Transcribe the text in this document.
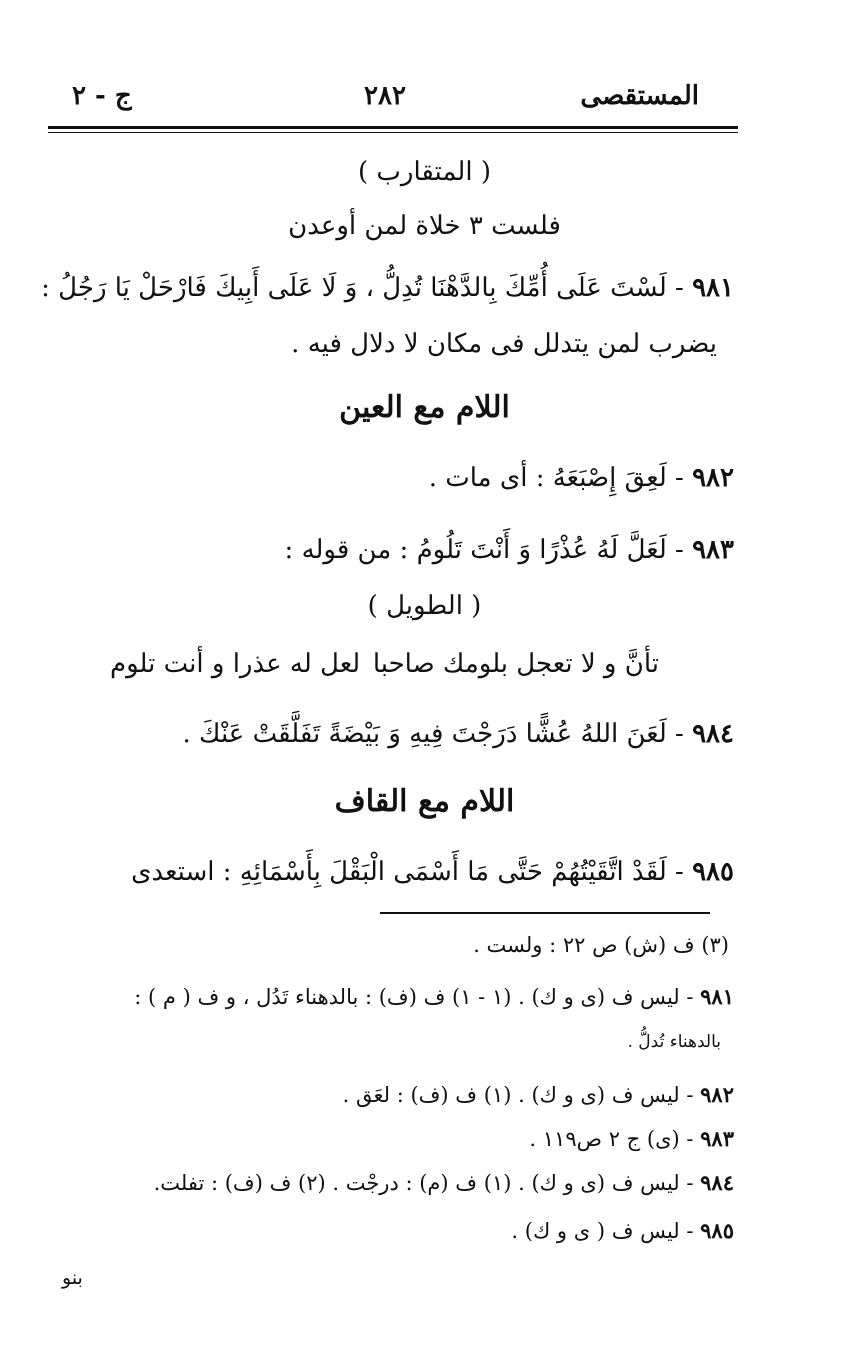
المستقصى
٢٨٢
ج - ٢
( المتقارب )
فلست ٣ خلاة لمن أوعدن
٩٨١ - لَسْتَ عَلَى أُمِّكَ بِالدَّهْنَا تُدِلُّ ، وَ لَا عَلَى أَبِيكَ فَارْحَلْ يَا رَجُلُ :
يضرب لمن يتدلل فى مكان لا دلال فيه .
اللام مع العين
٩٨٢ - لَعِقَ إِصْبَعَهُ : أى مات .
٩٨٣ - لَعَلَّ لَهُ عُذْرًا وَ أَنْتَ تَلُومُ : من قوله :
( الطويل )
تأنَّ و لا تعجل بلومك صاحبا
لعل له عذرا و أنت تلوم
٩٨٤ - لَعَنَ اللهُ عُشًّا دَرَجْتَ فِيهِ وَ بَيْضَةً تَفَلَّقَتْ عَنْكَ .
اللام مع القاف
٩٨٥ - لَقَدْ اتَّقَيْتُهُمْ حَتَّى مَا أَسْمَى الْبَقْلَ بِأَسْمَائِهِ : استعدى
(٣) ف (ش) ص ٢٢ : ولست .
٩٨١ - ليس ف (ى و ك) . (١ - ١) ف (ف) : بالدهناء تَدُل ، و ف ( م ) :
بالدهناء تُدلُّ .
٩٨٢ - ليس ف (ى و ك) . (١) ف (ف) : لعَق .
٩٨٣ - (ى) ج ٢ ص١١٩ .
٩٨٤ - ليس ف (ى و ك) . (١) ف (م) : درجْت . (٢) ف (ف) : تفلت.
٩٨٥ - ليس ف ( ى و ك) .
بنو
